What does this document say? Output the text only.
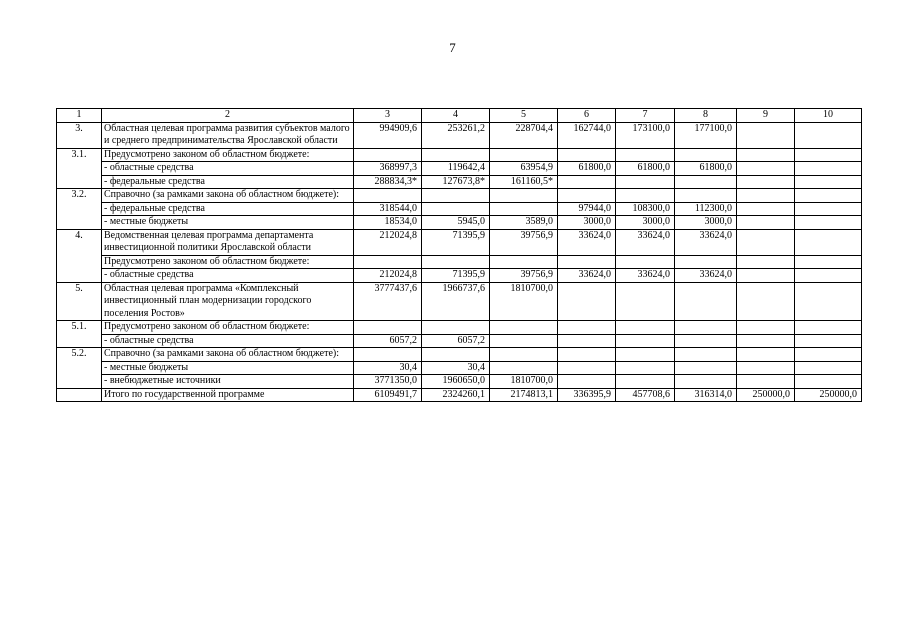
7
1	2	3	4	5	6	7	8	9	10
3.	Областная целевая программа развития субъектов малого и среднего предпринимательства Ярославской области	994909,6	253261,2	228704,4	162744,0	173100,0	177100,0		
3.1.	Предусмотрено законом об областном бюджете:								
	- областные средства	368997,3	119642,4	63954,9	61800,0	61800,0	61800,0		
	- федеральные средства	288834,3*	127673,8*	161160,5*					
3.2.	Справочно (за рамками закона об областном бюджете):								
	- федеральные средства	318544,0			97944,0	108300,0	112300,0		
	- местные бюджеты	18534,0	5945,0	3589,0	3000,0	3000,0	3000,0		
4.	Ведомственная целевая программа департамента инвестиционной политики Ярославской области	212024,8	71395,9	39756,9	33624,0	33624,0	33624,0		
	Предусмотрено законом об областном бюджете:								
	- областные средства	212024,8	71395,9	39756,9	33624,0	33624,0	33624,0		
5.	Областная целевая программа «Комплексный инвестиционный план модернизации городского поселения Ростов»	3777437,6	1966737,6	1810700,0					
5.1.	Предусмотрено законом об областном бюджете:								
	- областные средства	6057,2	6057,2						
5.2.	Справочно (за рамками закона об областном бюджете):								
	- местные бюджеты	30,4	30,4						
	- внебюджетные источники	3771350,0	1960650,0	1810700,0					
	Итого по государственной программе	6109491,7	2324260,1	2174813,1	336395,9	457708,6	316314,0	250000,0	250000,0
